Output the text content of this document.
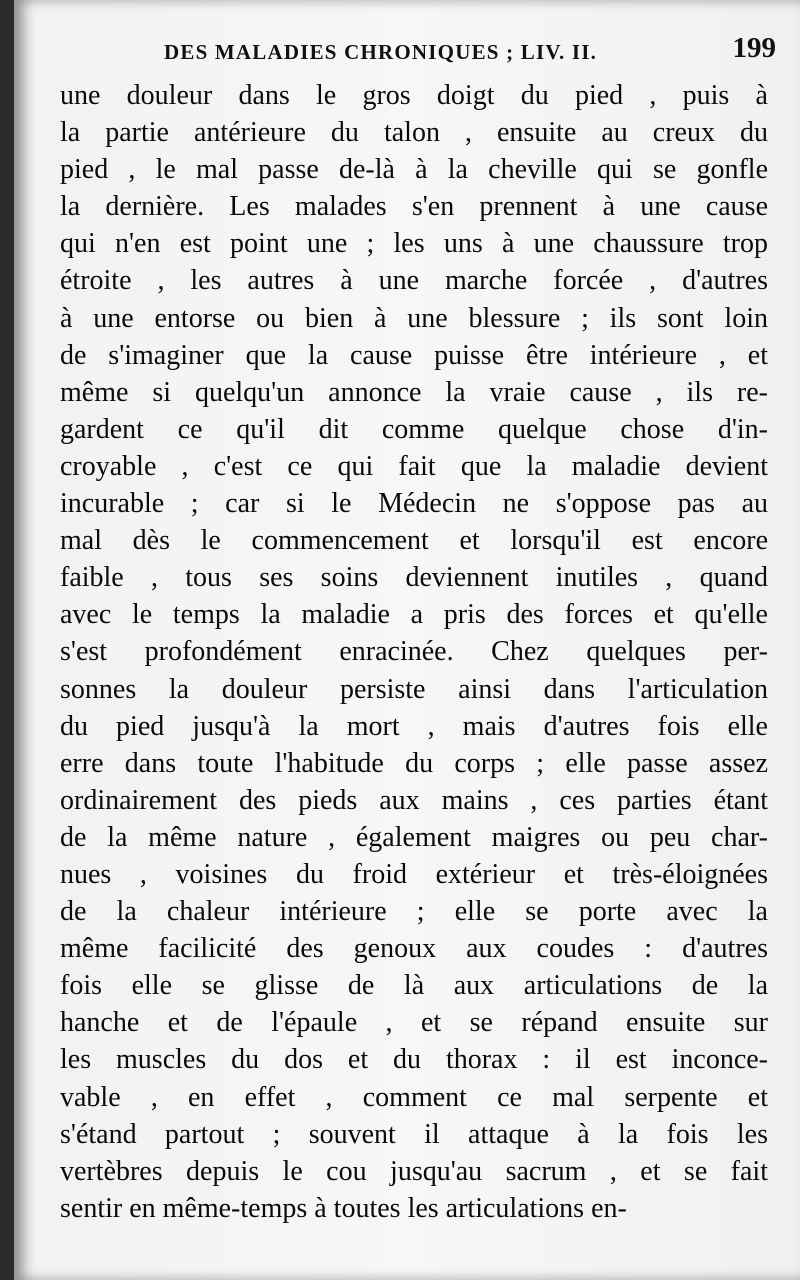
DES MALADIES CHRONIQUES ; LIV. II.	199
une douleur dans le gros doigt du pied , puis à
la partie antérieure du talon , ensuite au creux du
pied , le mal passe de-là à la cheville qui se gonfle
la dernière. Les malades s'en prennent à une cause
qui n'en est point une ; les uns à une chaussure trop
étroite , les autres à une marche forcée , d'autres
à une entorse ou bien à une blessure ; ils sont loin
de s'imaginer que la cause puisse être intérieure , et
même si quelqu'un annonce la vraie cause , ils re-
gardent ce qu'il dit comme quelque chose d'in-
croyable , c'est ce qui fait que la maladie devient
incurable ; car si le Médecin ne s'oppose pas au
mal dès le commencement et lorsqu'il est encore
faible , tous ses soins deviennent inutiles , quand
avec le temps la maladie a pris des forces et qu'elle
s'est profondément enracinée. Chez quelques per-
sonnes la douleur persiste ainsi dans l'articulation
du pied jusqu'à la mort , mais d'autres fois elle
erre dans toute l'habitude du corps ; elle passe assez
ordinairement des pieds aux mains , ces parties étant
de la même nature , également maigres ou peu char-
nues , voisines du froid extérieur et très-éloignées
de la chaleur intérieure ; elle se porte avec la
même facilicité des genoux aux coudes : d'autres
fois elle se glisse de là aux articulations de la
hanche et de l'épaule , et se répand ensuite sur
les muscles du dos et du thorax : il est inconce-
vable , en effet , comment ce mal serpente et
s'étand partout ; souvent il attaque à la fois les
vertèbres depuis le cou jusqu'au sacrum , et se fait
sentir en même-temps à toutes les articulations en-
